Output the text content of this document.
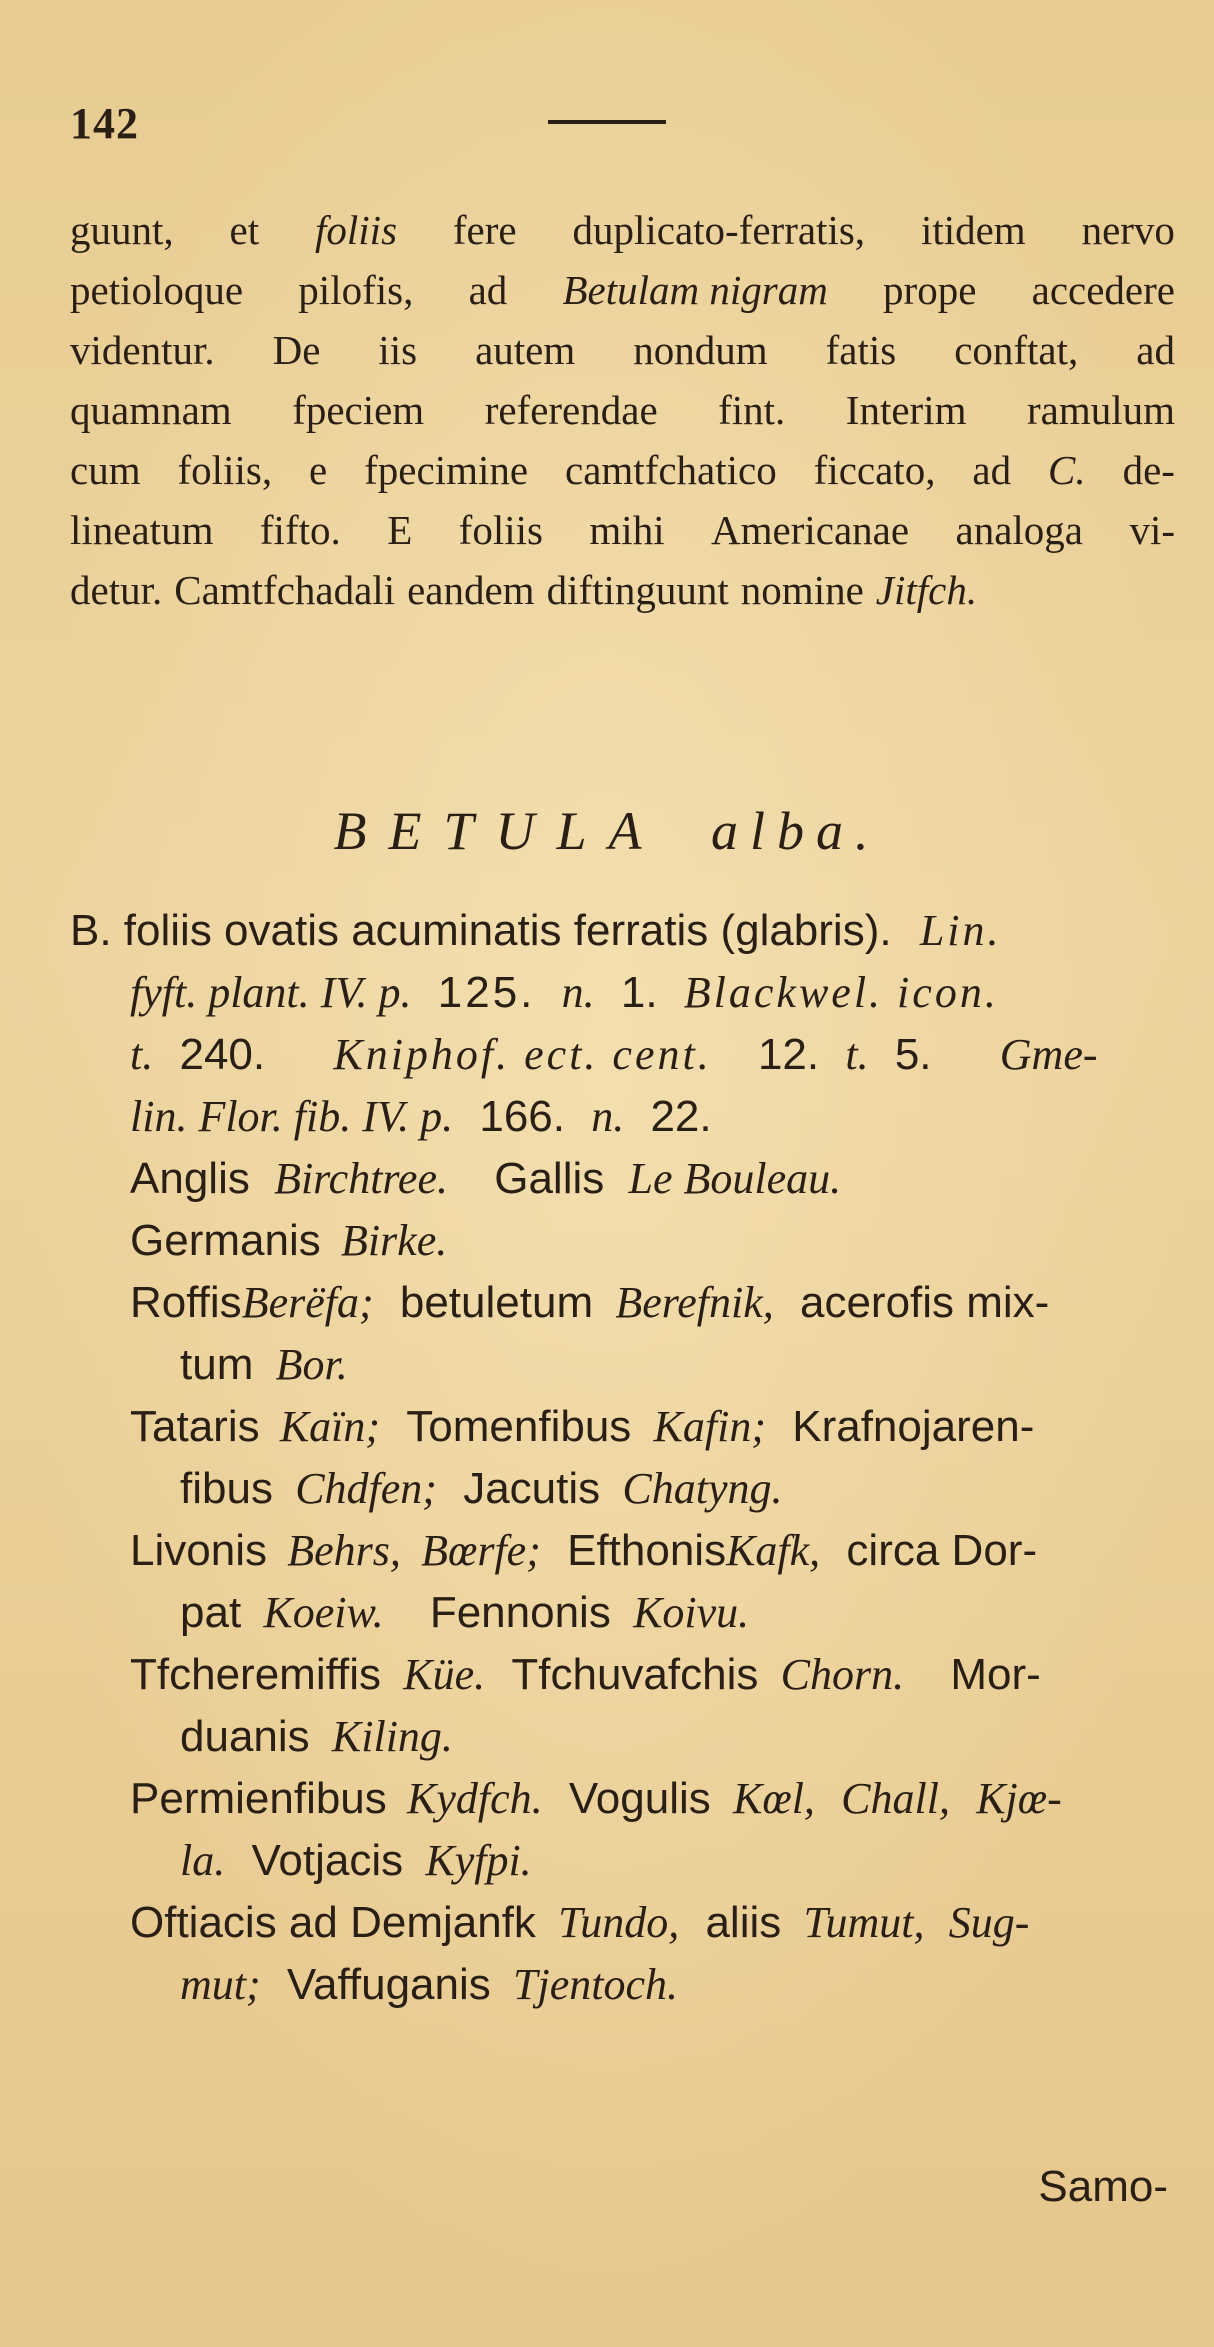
142
guunt, et foliis fere duplicato-ferratis, itidem nervo
petioloque pilofis, ad Betulam nigram prope accedere
videntur. De iis autem nondum fatis conftat, ad
quamnam fpeciem referendae fint. Interim ramulum
cum foliis, e fpecimine camtfchatico ficcato, ad C. de-
lineatum fifto. E foliis mihi Americanae analoga vi-
detur. Camtfchadali eandem diftinguunt nomine Jitfch.
BETULA alba.
B. foliis ovatis acuminatis ferratis (glabris). Lin.
fyft. plant. IV. p. 125. n. 1. Blackwel. icon.
t. 240. Kniphof. ect. cent. 12. t. 5. Gme-
lin. Flor. fib. IV. p. 166. n. 22.
Anglis Birchtree. Gallis Le Bouleau.
Germanis Birke.
RoffisBerëfa; betuletum Berefnik, acerofis mix-
tum Bor.
Tataris Kaïn; Tomenfibus Kafin; Krafnojaren-
fibus Chdfen; Jacutis Chatyng.
Livonis Behrs, Bœrfe; EfthonisKafk, circa Dor-
pat Koeiw. Fennonis Koivu.
Tfcheremiffis Küe. Tfchuvafchis Chorn. Mor-
duanis Kiling.
Permienfibus Kydfch. Vogulis Kœl, Chall, Kjœ-
la. Votjacis Kyfpi.
Oftiacis ad Demjanfk Tundo, aliis Tumut, Sug-
mut; Vaffuganis Tjentoch.
Samo-
